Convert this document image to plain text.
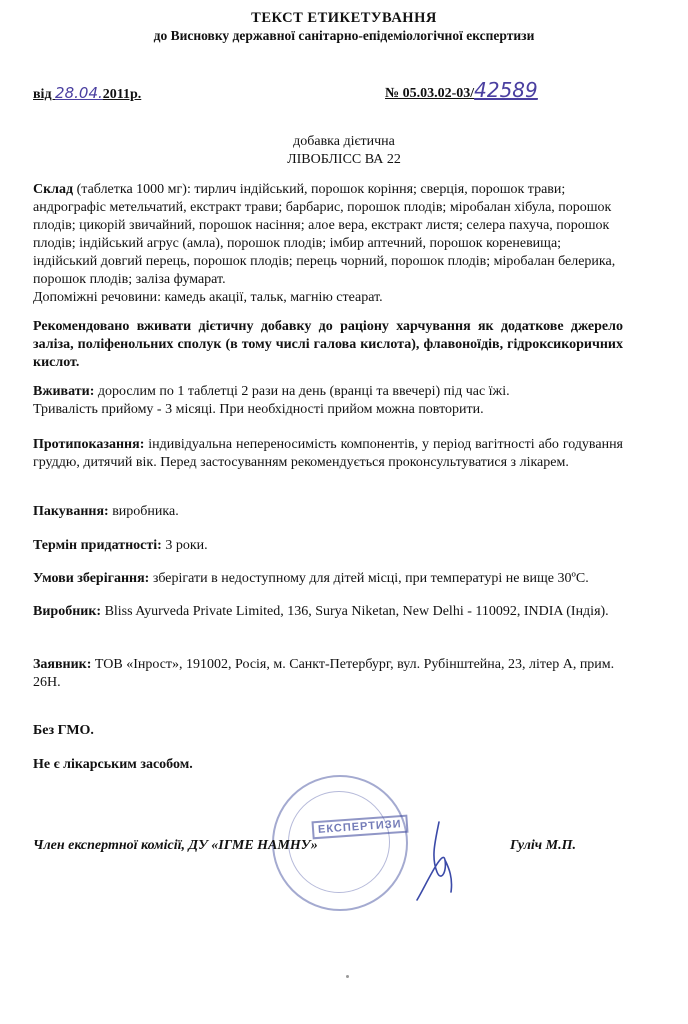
ТЕКСТ ЕТИКЕТУВАННЯ
до Висновку державної санітарно-епідеміологічної експертизи
від 28.04.2011р.	№ 05.03.02-03/42589
добавка дієтична
ЛІВОБЛІСС ВА 22
Склад (таблетка 1000 мг): тирлич індійський, порошок коріння; сверція, порошок трави; андрографіс метельчатий, екстракт трави; барбарис, порошок плодів; міробалан хібула, порошок плодів; цикорій звичайний, порошок насіння; алое вера, екстракт листя; селера пахуча, порошок плодів; індійський агрус (амла), порошок плодів; імбир аптечний, порошок кореневища; індійський довгий перець, порошок плодів; перець чорний, порошок плодів; міробалан белерика, порошок плодів; заліза фумарат.
Допоміжні речовини: камедь акації, тальк, магнію стеарат.
Рекомендовано вживати дієтичну добавку до раціону харчування як додаткове джерело заліза, поліфенольних сполук (в тому числі галова кислота), флавоноїдів, гідроксикоричних кислот.
Вживати: дорослим по 1 таблетці 2 рази на день (вранці та ввечері) під час їжі.
Тривалість прийому - 3 місяці. При необхідності прийом можна повторити.
Протипоказання: індивідуальна непереносимість компонентів, у період вагітності або годування груддю, дитячий вік. Перед застосуванням рекомендується проконсультуватися з лікарем.
Пакування: виробника.
Термін придатності: 3 роки.
Умови зберігання: зберігати в недоступному для дітей місці, при температурі не вище 30ºС.
Виробник: Bliss Ayurveda Private Limited, 136, Surya Niketan, New Delhi - 110092, INDIA (Індія).
Заявник: ТОВ «Інрост», 191002, Росія, м. Санкт-Петербург, вул. Рубінштейна, 23, літер А, прим. 26Н.
Без ГМО.
Не є лікарським засобом.
ЕКСПЕРТИЗИ
Член експертної комісії, ДУ «ІГМЕ НАМНУ»	Гуліч М.П.
